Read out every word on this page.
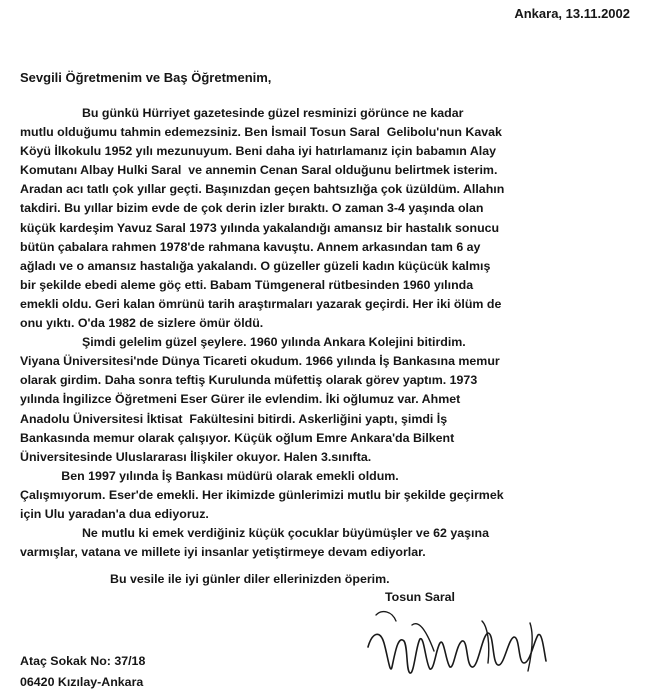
Ankara, 13.11.2002
Sevgili Öğretmenim ve Baş Öğretmenim,
Bu günkü Hürriyet gazetesinde güzel resminizi görünce ne kadar
mutlu olduğumu tahmin edemezsiniz. Ben İsmail Tosun Saral  Gelibolu'nun Kavak
Köyü İlkokulu 1952 yılı mezunuyum. Beni daha iyi hatırlamanız için babamın Alay
Komutanı Albay Hulki Saral  ve annemin Cenan Saral olduğunu belirtmek isterim.
Aradan acı tatlı çok yıllar geçti. Başınızdan geçen bahtsızlığa çok üzüldüm. Allahın
takdiri. Bu yıllar bizim evde de çok derin izler bıraktı. O zaman 3-4 yaşında olan
küçük kardeşim Yavuz Saral 1973 yılında yakalandığı amansız bir hastalık sonucu
bütün çabalara rahmen 1978'de rahmana kavuştu. Annem arkasından tam 6 ay
ağladı ve o amansız hastalığa yakalandı. O güzeller güzeli kadın küçücük kalmış
bir şekilde ebedi aleme göç etti. Babam Tümgeneral rütbesinden 1960 yılında
emekli oldu. Geri kalan ömrünü tarih araştırmaları yazarak geçirdi. Her iki ölüm de
onu yıktı. O'da 1982 de sizlere ömür öldü.
Şimdi gelelim güzel şeylere. 1960 yılında Ankara Kolejini bitirdim.
Viyana Üniversitesi'nde Dünya Ticareti okudum. 1966 yılında İş Bankasına memur
olarak girdim. Daha sonra teftiş Kurulunda müfettiş olarak görev yaptım. 1973
yılında İngilizce Öğretmeni Eser Gürer ile evlendim. İki oğlumuz var. Ahmet
Anadolu Üniversitesi İktisat  Fakültesini bitirdi. Askerliğini yaptı, şimdi İş
Bankasında memur olarak çalışıyor. Küçük oğlum Emre Ankara'da Bilkent
Üniversitesinde Uluslararası İlişkiler okuyor. Halen 3.sınıfta.
Ben 1997 yılında İş Bankası müdürü olarak emekli oldum.
Çalışmıyorum. Eser'de emekli. Her ikimizde günlerimizi mutlu bir şekilde geçirmek
için Ulu yaradan'a dua ediyoruz.
Ne mutlu ki emek verdiğiniz küçük çocuklar büyümüşler ve 62 yaşına
varmışlar, vatana ve millete iyi insanlar yetiştirmeye devam ediyorlar.
Bu vesile ile iyi günler diler ellerinizden öperim.
Tosun Saral
Ataç Sokak No: 37/18
06420 Kızılay-Ankara
